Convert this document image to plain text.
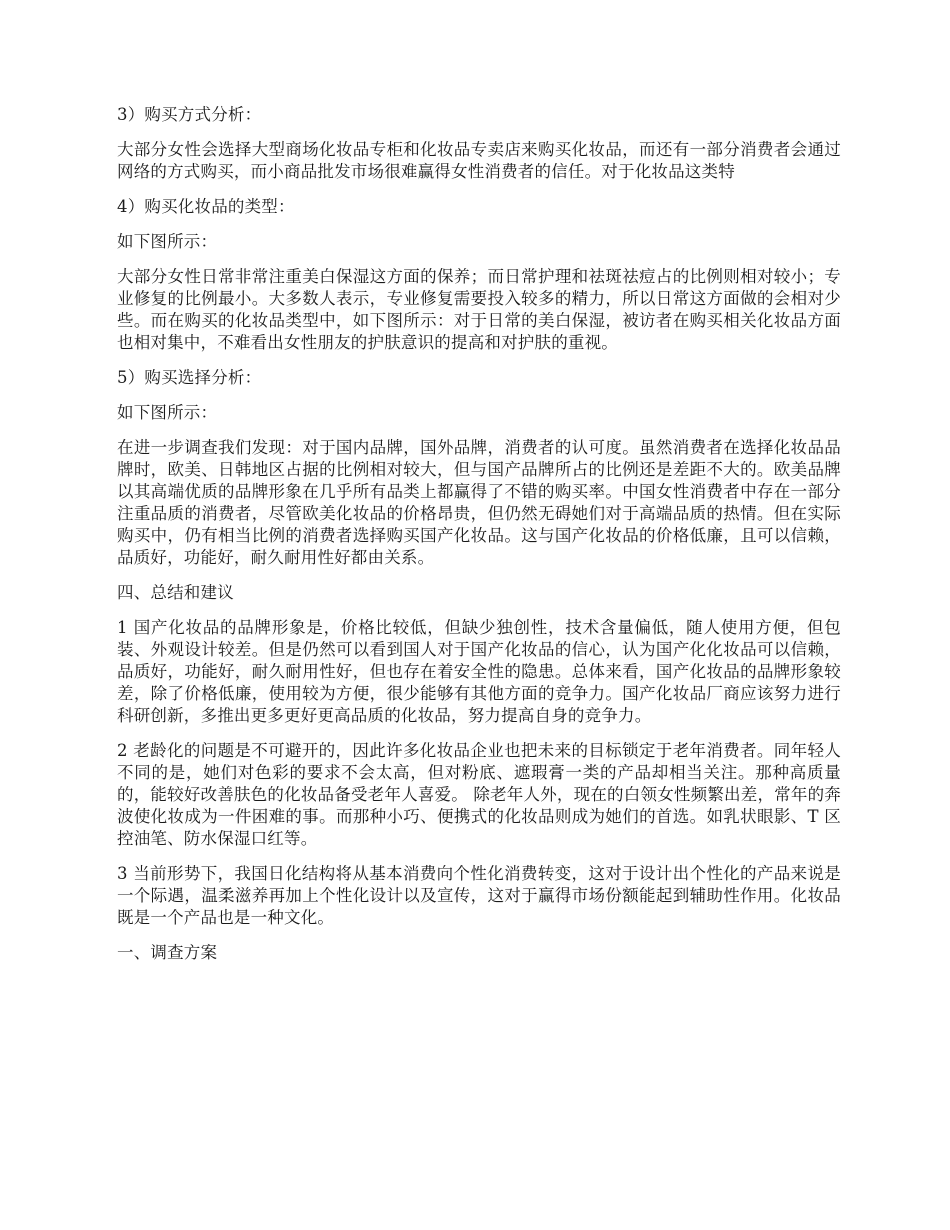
3）购买方式分析：

大部分女性会选择大型商场化妆品专柜和化妆品专卖店来购买化妆品，而还有一部分消费者会通过网络的方式购买，而小商品批发市场很难赢得女性消费者的信任。对于化妆品这类特

4）购买化妆品的类型：

如下图所示：

大部分女性日常非常注重美白保湿这方面的保养；而日常护理和祛斑祛痘占的比例则相对较小；专业修复的比例最小。大多数人表示，专业修复需要投入较多的精力，所以日常这方面做的会相对少些。而在购买的化妆品类型中，如下图所示：对于日常的美白保湿，被访者在购买相关化妆品方面也相对集中，不难看出女性朋友的护肤意识的提高和对护肤的重视。

5）购买选择分析：

如下图所示：

在进一步调查我们发现：对于国内品牌，国外品牌，消费者的认可度。虽然消费者在选择化妆品品牌时，欧美、日韩地区占据的比例相对较大，但与国产品牌所占的比例还是差距不大的。欧美品牌以其高端优质的品牌形象在几乎所有品类上都赢得了不错的购买率。中国女性消费者中存在一部分注重品质的消费者，尽管欧美化妆品的价格昂贵，但仍然无碍她们对于高端品质的热情。但在实际购买中，仍有相当比例的消费者选择购买国产化妆品。这与国产化妆品的价格低廉，且可以信赖，品质好，功能好，耐久耐用性好都由关系。

四、总结和建议

1 国产化妆品的品牌形象是，价格比较低，但缺少独创性，技术含量偏低，随人使用方便，但包装、外观设计较差。但是仍然可以看到国人对于国产化妆品的信心，认为国产化化妆品可以信赖，品质好，功能好，耐久耐用性好，但也存在着安全性的隐患。总体来看，国产化妆品的品牌形象较差，除了价格低廉，使用较为方便，很少能够有其他方面的竞争力。国产化妆品厂商应该努力进行科研创新，多推出更多更好更高品质的化妆品，努力提高自身的竞争力。

2 老龄化的问题是不可避开的，因此许多化妆品企业也把未来的目标锁定于老年消费者。同年轻人不同的是，她们对色彩的要求不会太高，但对粉底、遮瑕膏一类的产品却相当关注。那种高质量的，能较好改善肤色的化妆品备受老年人喜爱。 除老年人外，现在的白领女性频繁出差，常年的奔波使化妆成为一件困难的事。而那种小巧、便携式的化妆品则成为她们的首选。如乳状眼影、T 区控油笔、防水保湿口红等。

3 当前形势下，我国日化结构将从基本消费向个性化消费转变，这对于设计出个性化的产品来说是一个际遇，温柔滋养再加上个性化设计以及宣传，这对于赢得市场份额能起到辅助性作用。化妆品既是一个产品也是一种文化。

一、调查方案
